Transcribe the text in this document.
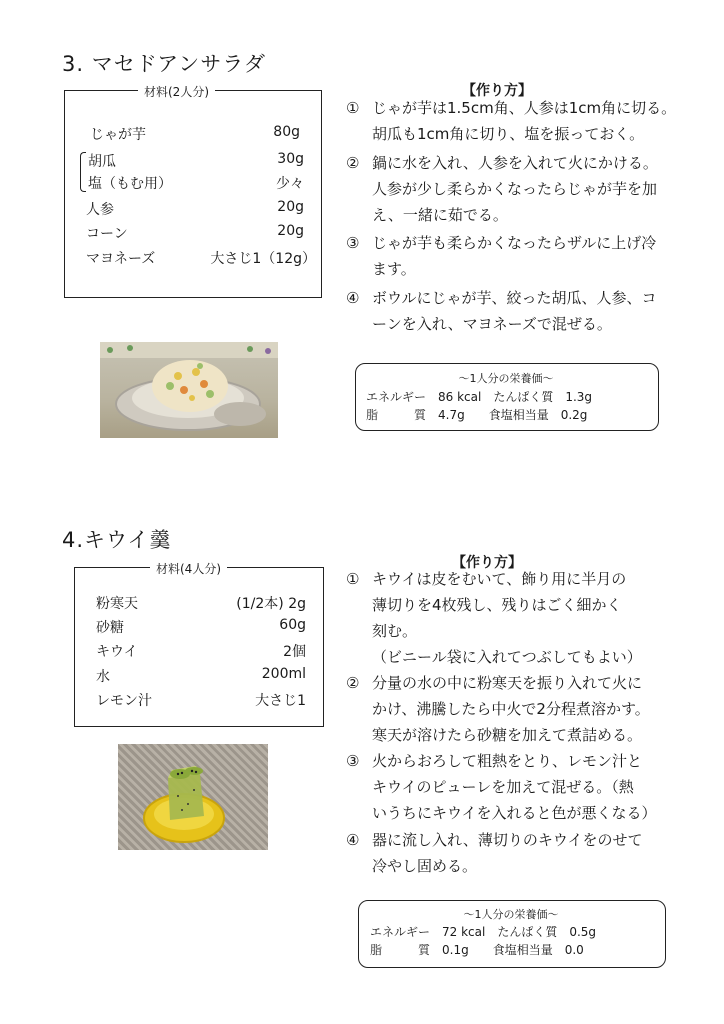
3. マセドアンサラダ
材料(2人分)
じゃが芋	80g
胡瓜	30g
塩（もむ用）	少々
人参	20g
コーン	20g
マヨネーズ	大さじ1（12g）
【作り方】
① じゃが芋は1.5cm角、人参は1cm角に切る。
胡瓜も1cm角に切り、塩を振っておく。
② 鍋に水を入れ、人参を入れて火にかける。
人参が少し柔らかくなったらじゃが芋を加
え、一緒に茹でる。
③ じゃが芋も柔らかくなったらザルに上げ冷
ます。
④ ボウルにじゃが芋、絞った胡瓜、人参、コ
ーンを入れ、マヨネーズで混ぜる。
～1人分の栄養価～
エネルギー　86 kcal　たんぱく質　1.3g
脂　　　質　4.7g　　食塩相当量　0.2g
4.キウイ羹
材料(4人分)
粉寒天	(1/2本) 2g
砂糖	60g
キウイ	2個
水	200ml
レモン汁	大さじ1
【作り方】
① キウイは皮をむいて、飾り用に半月の
薄切りを4枚残し、残りはごく細かく
刻む。
（ビニール袋に入れてつぶしてもよい）
② 分量の水の中に粉寒天を振り入れて火に
かけ、沸騰したら中火で2分程煮溶かす。
寒天が溶けたら砂糖を加えて煮詰める。
③ 火からおろして粗熱をとり、レモン汁と
キウイのピューレを加えて混ぜる。（熱
いうちにキウイを入れると色が悪くなる）
④ 器に流し入れ、薄切りのキウイをのせて
冷やし固める。
～1人分の栄養価～
エネルギー　72 kcal　たんぱく質　0.5g
脂　　　質　0.1g　　食塩相当量　0.0
